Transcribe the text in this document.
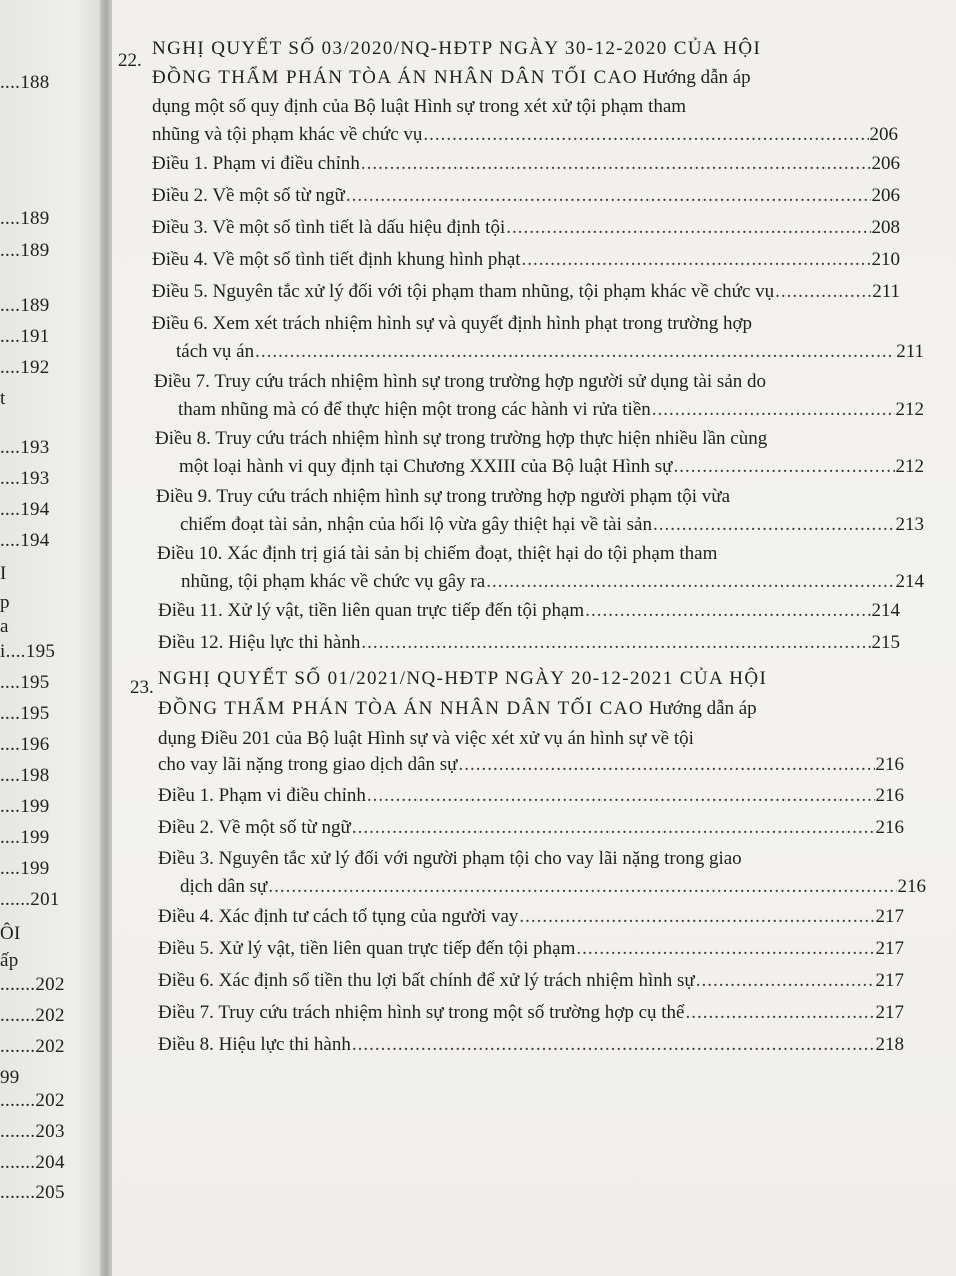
....188
....189
....189
....189
....191
....192
t
....193
....193
....194
....194
I
p
a
i....195
....195
....195
....196
....198
....199
....199
....199
......201
ÔI
ấp
.......202
.......202
.......202
99
.......202
.......203
.......204
.......205
22.
NGHỊ QUYẾT SỐ 03/2020/NQ-HĐTP NGÀY 30-12-2020 CỦA HỘI
ĐỒNG THẨM PHÁN TÒA ÁN NHÂN DÂN TỐI CAO Hướng dẫn áp
dụng một số quy định của Bộ luật Hình sự trong xét xử tội phạm tham
nhũng và tội phạm khác về chức vụ .....	206
Điều 1. Phạm vi điều chỉnh .....	206
Điều 2. Về một số từ ngữ .....	206
Điều 3. Về một số tình tiết là dấu hiệu định tội .....	208
Điều 4. Về một số tình tiết định khung hình phạt .....	210
Điều 5. Nguyên tắc xử lý đối với tội phạm tham nhũng, tội phạm khác về chức vụ .....	211
Điều 6. Xem xét trách nhiệm hình sự và quyết định hình phạt trong trường hợp
tách vụ án .....	211
Điều 7. Truy cứu trách nhiệm hình sự trong trường hợp người sử dụng tài sản do
tham nhũng mà có để thực hiện một trong các hành vi rửa tiền .....	212
Điều 8. Truy cứu trách nhiệm hình sự trong trường hợp thực hiện nhiều lần cùng
một loại hành vi quy định tại Chương XXIII của Bộ luật Hình sự .....	212
Điều 9. Truy cứu trách nhiệm hình sự trong trường hợp người phạm tội vừa
chiếm đoạt tài sản, nhận của hối lộ vừa gây thiệt hại về tài sản .....	213
Điều 10. Xác định trị giá tài sản bị chiếm đoạt, thiệt hại do tội phạm tham
nhũng, tội phạm khác về chức vụ gây ra .....	214
Điều 11. Xử lý vật, tiền liên quan trực tiếp đến tội phạm .....	214
Điều 12. Hiệu lực thi hành .....	215
23. NGHỊ QUYẾT SỐ 01/2021/NQ-HĐTP NGÀY 20-12-2021 CỦA HỘI
ĐỒNG THẨM PHÁN TÒA ÁN NHÂN DÂN TỐI CAO Hướng dẫn áp
dụng Điều 201 của Bộ luật Hình sự và việc xét xử vụ án hình sự về tội
cho vay lãi nặng trong giao dịch dân sự .....	216
Điều 1. Phạm vi điều chỉnh .....	216
Điều 2. Về một số từ ngữ .....	216
Điều 3. Nguyên tắc xử lý đối với người phạm tội cho vay lãi nặng trong giao
dịch dân sự .....	216
Điều 4. Xác định tư cách tố tụng của người vay .....	217
Điều 5. Xử lý vật, tiền liên quan trực tiếp đến tội phạm .....	217
Điều 6. Xác định số tiền thu lợi bất chính để xử lý trách nhiệm hình sự .....	217
Điều 7. Truy cứu trách nhiệm hình sự trong một số trường hợp cụ thể .....	217
Điều 8. Hiệu lực thi hành .....	218
